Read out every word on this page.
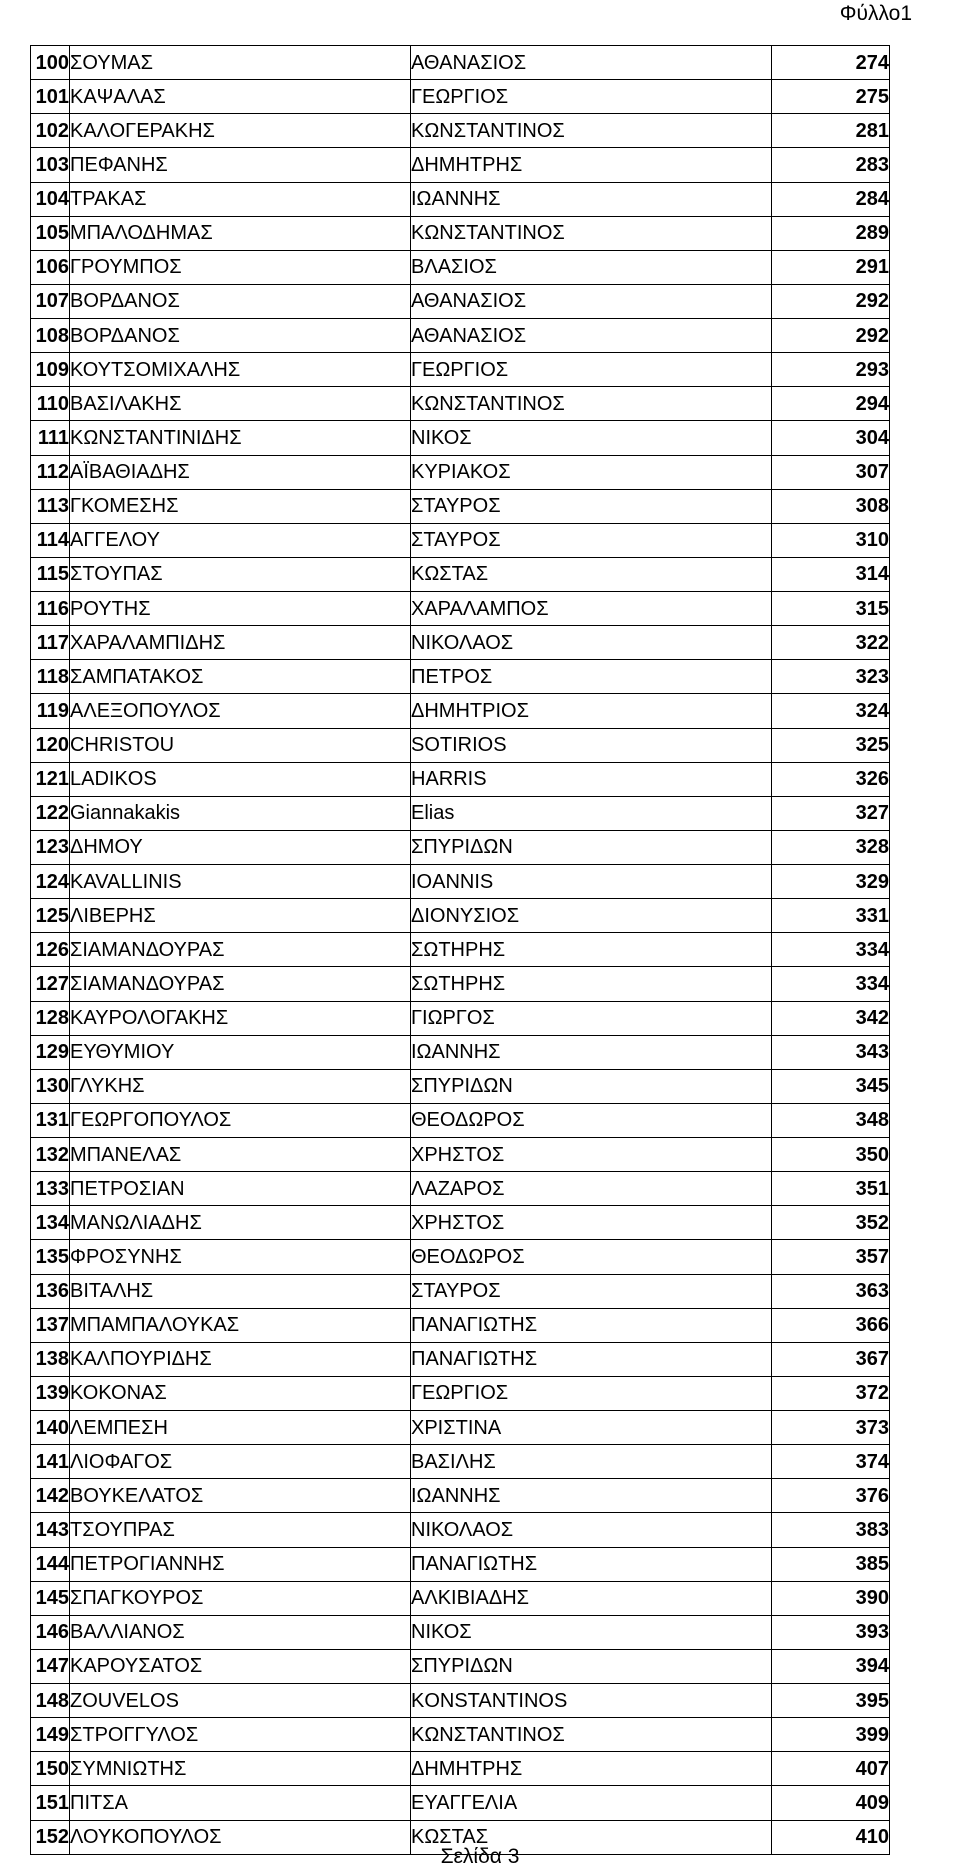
Φύλλο1
100	ΣΟΥΜΑΣ	ΑΘΑΝΑΣΙΟΣ	274
101	ΚΑΨΑΛΑΣ	ΓΕΩΡΓΙΟΣ	275
102	ΚΑΛΟΓΕΡΑΚΗΣ	ΚΩΝΣΤΑΝΤΙΝΟΣ	281
103	ΠΕΦΑΝΗΣ	ΔΗΜΗΤΡΗΣ	283
104	ΤΡΑΚΑΣ	ΙΩΑΝΝΗΣ	284
105	ΜΠΑΛΟΔΗΜΑΣ	ΚΩΝΣΤΑΝΤΙΝΟΣ	289
106	ΓΡΟΥΜΠΟΣ	ΒΛΑΣΙΟΣ	291
107	ΒΟΡΔΑΝΟΣ	ΑΘΑΝΑΣΙΟΣ	292
108	ΒΟΡΔΑΝΟΣ	ΑΘΑΝΑΣΙΟΣ	292
109	ΚΟΥΤΣΟΜΙΧΑΛΗΣ	ΓΕΩΡΓΙΟΣ	293
110	ΒΑΣΙΛΑΚΗΣ	ΚΩΝΣΤΑΝΤΙΝΟΣ	294
111	ΚΩΝΣΤΑΝΤΙΝΙΔΗΣ	ΝΙΚΟΣ	304
112	ΑΪΒΑΘΙΑΔΗΣ	ΚΥΡΙΑΚΟΣ	307
113	ΓΚΟΜΕΣΗΣ	ΣΤΑΥΡΟΣ	308
114	ΑΓΓΕΛΟΥ	ΣΤΑΥΡΟΣ	310
115	ΣΤΟΥΠΑΣ	ΚΩΣΤΑΣ	314
116	ΡΟΥΤΗΣ	ΧΑΡΑΛΑΜΠΟΣ	315
117	ΧΑΡΑΛΑΜΠΙΔΗΣ	ΝΙΚΟΛΑΟΣ	322
118	ΣΑΜΠΑΤΑΚΟΣ	ΠΕΤΡΟΣ	323
119	ΑΛΕΞΟΠΟΥΛΟΣ	ΔΗΜΗΤΡΙΟΣ	324
120	CHRISTOU	SOTIRIOS	325
121	LADIKOS	HARRIS	326
122	Giannakakis	Elias	327
123	ΔΗΜΟΥ	ΣΠΥΡΙΔΩΝ	328
124	KAVALLINIS	IOANNIS	329
125	ΛΙΒΕΡΗΣ	ΔΙΟΝΥΣΙΟΣ	331
126	ΣΙΑΜΑΝΔΟΥΡΑΣ	ΣΩΤΗΡΗΣ	334
127	ΣΙΑΜΑΝΔΟΥΡΑΣ	ΣΩΤΗΡΗΣ	334
128	ΚΑΥΡΟΛΟΓΑΚΗΣ	ΓΙΩΡΓΟΣ	342
129	ΕΥΘΥΜΙΟΥ	ΙΩΑΝΝΗΣ	343
130	ΓΛΥΚΗΣ	ΣΠΥΡΙΔΩΝ	345
131	ΓΕΩΡΓΟΠΟΥΛΟΣ	ΘΕΟΔΩΡΟΣ	348
132	ΜΠΑΝΕΛΑΣ	ΧΡΗΣΤΟΣ	350
133	ΠΕΤΡΟΣΙΑΝ	ΛΑΖΑΡΟΣ	351
134	ΜΑΝΩΛΙΑΔΗΣ	ΧΡΗΣΤΟΣ	352
135	ΦΡΟΣΥΝΗΣ	ΘΕΟΔΩΡΟΣ	357
136	ΒΙΤΑΛΗΣ	ΣΤΑΥΡΟΣ	363
137	ΜΠΑΜΠΑΛΟΥΚΑΣ	ΠΑΝΑΓΙΩΤΗΣ	366
138	ΚΑΛΠΟΥΡΙΔΗΣ	ΠΑΝΑΓΙΩΤΗΣ	367
139	ΚΟΚΟΝΑΣ	ΓΕΩΡΓΙΟΣ	372
140	ΛΕΜΠΕΣΗ	ΧΡΙΣΤΙΝΑ	373
141	ΛΙΟΦΑΓΟΣ	ΒΑΣΙΛΗΣ	374
142	ΒΟΥΚΕΛΑΤΟΣ	ΙΩΑΝΝΗΣ	376
143	ΤΣΟΥΠΡΑΣ	ΝΙΚΟΛΑΟΣ	383
144	ΠΕΤΡΟΓΙΑΝΝΗΣ	ΠΑΝΑΓΙΩΤΗΣ	385
145	ΣΠΑΓΚΟΥΡΟΣ	ΑΛΚΙΒΙΑΔΗΣ	390
146	ΒΑΛΛΙΑΝΟΣ	ΝΙΚΟΣ	393
147	ΚΑΡΟΥΣΑΤΟΣ	ΣΠΥΡΙΔΩΝ	394
148	ZOUVELOS	KONSTANTINOS	395
149	ΣΤΡΟΓΓΥΛΟΣ	ΚΩΝΣΤΑΝΤΙΝΟΣ	399
150	ΣΥΜΝΙΩΤΗΣ	ΔΗΜΗΤΡΗΣ	407
151	ΠΙΤΣΑ	ΕΥΑΓΓΕΛΙΑ	409
152	ΛΟΥΚΟΠΟΥΛΟΣ	ΚΩΣΤΑΣ	410
Σελίδα 3
